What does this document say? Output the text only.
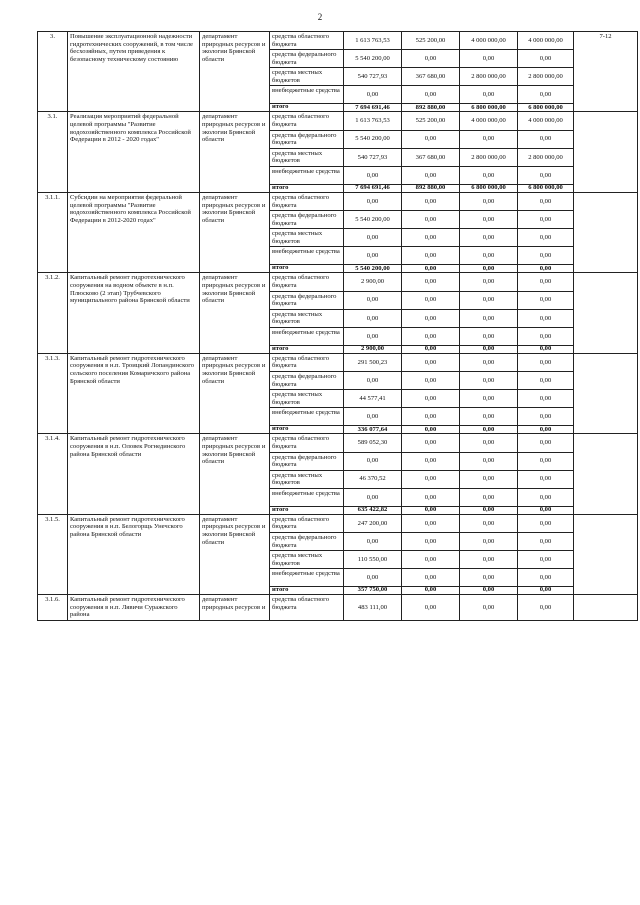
2
3.	Повышение эксплуатационной надежности гидротехнических сооружений, в том числе бесхозяйных, путем приведения к безопасному техническому состоянию	департамент природных ресурсов и экологии Брянской области	средства областного бюджета	1 613 763,53	525 200,00	4 000 000,00	4 000 000,00	7-12
			средства федерального бюджета	5 540 200,00	0,00	0,00	0,00	
			средства местных бюджетов	540 727,93	367 680,00	2 800 000,00	2 800 000,00	
			внебюджетные средства	0,00	0,00	0,00	0,00	
			итого	7 694 691,46	892 880,00	6 800 000,00	6 800 000,00	
3.1.	Реализация мероприятий федеральной целевой программы "Развитие водохозяйственного комплекса Российской Федерации в 2012 - 2020 годах"	департамент природных ресурсов и экологии Брянской области	средства областного бюджета	1 613 763,53	525 200,00	4 000 000,00	4 000 000,00	
			средства федерального бюджета	5 540 200,00	0,00	0,00	0,00	
			средства местных бюджетов	540 727,93	367 680,00	2 800 000,00	2 800 000,00	
			внебюджетные средства	0,00	0,00	0,00	0,00	
			итого	7 694 691,46	892 880,00	6 800 000,00	6 800 000,00	
3.1.1.	Субсидии на мероприятия федеральной целевой программы "Развитие водохозяйственного комплекса Российской Федерации в 2012-2020 годах"	департамент природных ресурсов и экологии Брянской области	средства областного бюджета	0,00	0,00	0,00	0,00	
			средства федерального бюджета	5 540 200,00	0,00	0,00	0,00	
			средства местных бюджетов	0,00	0,00	0,00	0,00	
			внебюджетные средства	0,00	0,00	0,00	0,00	
			итого	5 540 200,00	0,00	0,00	0,00	
3.1.2.	Капитальный ремонт гидротехнического сооружения на водном объекте в н.п. Плюсково (2 этап) Трубчевского муниципального района Брянской области	департамент природных ресурсов и экологии Брянской области	средства областного бюджета	2 900,00	0,00	0,00	0,00	
			средства федерального бюджета	0,00	0,00	0,00	0,00	
			средства местных бюджетов	0,00	0,00	0,00	0,00	
			внебюджетные средства	0,00	0,00	0,00	0,00	
			итого	2 900,00	0,00	0,00	0,00	
3.1.3.	Капитальный ремонт гидротехнического сооружения в н.п. Троицкий Лопандинского сельского поселения Комаричского района Брянской области	департамент природных ресурсов и экологии Брянской области	средства областного бюджета	291 500,23	0,00	0,00	0,00	
			средства федерального бюджета	0,00	0,00	0,00	0,00	
			средства местных бюджетов	44 577,41	0,00	0,00	0,00	
			внебюджетные средства	0,00	0,00	0,00	0,00	
			итого	336 077,64	0,00	0,00	0,00	
3.1.4.	Капитальный ремонт гидротехнического сооружения в н.п. Оловек Рогнединского района Брянской области	департамент природных ресурсов и экологии Брянской области	средства областного бюджета	589 052,30	0,00	0,00	0,00	
			средства федерального бюджета	0,00	0,00	0,00	0,00	
			средства местных бюджетов	46 370,52	0,00	0,00	0,00	
			внебюджетные средства	0,00	0,00	0,00	0,00	
			итого	635 422,82	0,00	0,00	0,00	
3.1.5.	Капитальный ремонт гидротехнического сооружения в н.п. Белогорщь Унечского района Брянской области	департамент природных ресурсов и экологии Брянской области	средства областного бюджета	247 200,00	0,00	0,00	0,00	
			средства федерального бюджета	0,00	0,00	0,00	0,00	
			средства местных бюджетов	110 550,00	0,00	0,00	0,00	
			внебюджетные средства	0,00	0,00	0,00	0,00	
			итого	357 750,00	0,00	0,00	0,00	
3.1.6.	Капитальный ремонт гидротехнического сооружения в н.п. Лявичи Суражского района	департамент природных ресурсов и	средства областного бюджета	483 111,00	0,00	0,00	0,00	
